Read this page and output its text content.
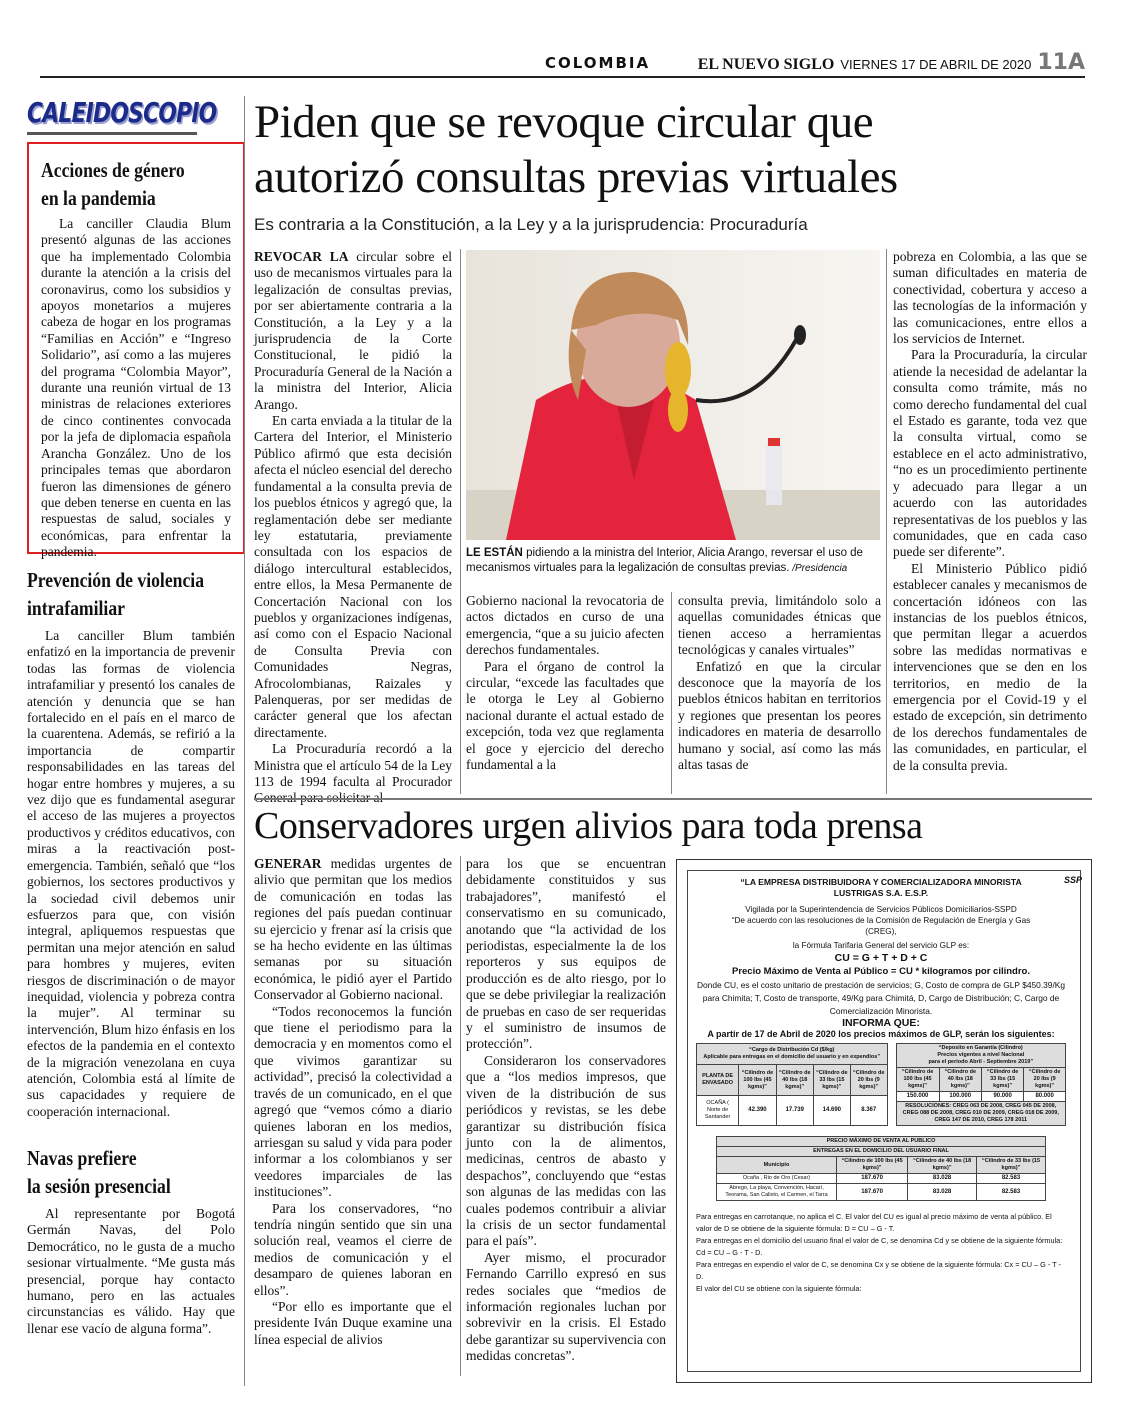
COLOMBIA	EL NUEVO SIGLO VIERNES 17 DE ABRIL DE 2020 11A
CALEIDOSCOPIO
Acciones de género
en la pandemia

La canciller Claudia Blum presentó algunas de las acciones que ha implementado Colombia durante la atención a la crisis del coronavirus, como los subsidios y apoyos monetarios a mujeres cabeza de hogar en los programas “Familias en Acción” e “Ingreso Solidario”, así como a las mujeres del programa “Colombia Mayor”, durante una reunión virtual de 13 ministras de relaciones exteriores de cinco continentes convocada por la jefa de diplomacia española Arancha González. Uno de los principales temas que abordaron fueron las dimensiones de género que deben tenerse en cuenta en las respuestas de salud, sociales y económicas, para enfrentar la pandemia.

Prevención de violencia
intrafamiliar

La canciller Blum también enfatizó en la importancia de prevenir todas las formas de violencia intrafamiliar y presentó los canales de atención y denuncia que se han fortalecido en el país en el marco de la cuarentena. Además, se refirió a la importancia de compartir responsabilidades en las tareas del hogar entre hombres y mujeres, a su vez dijo que es fundamental asegurar el acceso de las mujeres a proyectos productivos y créditos educativos, con miras a la reactivación post-emergencia. También, señaló que “los gobiernos, los sectores productivos y la sociedad civil debemos unir esfuerzos para que, con visión integral, apliquemos respuestas que permitan una mejor atención en salud para hombres y mujeres, eviten riesgos de discriminación o de mayor inequidad, violencia y pobreza contra la mujer”. Al terminar su intervención, Blum hizo énfasis en los efectos de la pandemia en el contexto de la migración venezolana en cuya atención, Colombia está al límite de sus capacidades y requiere de cooperación internacional.

Navas prefiere
la sesión presencial

Al representante por Bogotá Germán Navas, del Polo Democrático, no le gusta de a mucho sesionar virtualmente. “Me gusta más presencial, porque hay contacto humano, pero en las actuales circunstancias es válido. Hay que llenar ese vacío de alguna forma”.

Piden que se revoque circular que
autorizó consultas previas virtuales
Es contraria a la Constitución, a la Ley y a la jurisprudencia: Procuraduría

REVOCAR LA circular sobre el uso de mecanismos virtuales para la legalización de consultas previas, por ser abiertamente contraria a la Constitución, a la Ley y a la jurisprudencia de la Corte Constitucional, le pidió la Procuraduría General de la Nación a la ministra del Interior, Alicia Arango.

En carta enviada a la titular de la Cartera del Interior, el Ministerio Público afirmó que esta decisión afecta el núcleo esencial del derecho fundamental a la consulta previa de los pueblos étnicos y agregó que, la reglamentación debe ser mediante ley estatutaria, previamente consultada con los espacios de diálogo intercultural establecidos, entre ellos, la Mesa Permanente de Concertación Nacional con los pueblos y organizaciones indígenas, así como con el Espacio Nacional de Consulta Previa con Comunidades Negras, Afrocolombianas, Raizales y Palenqueras, por ser medidas de carácter general que los afectan directamente.

La Procuraduría recordó a la Ministra que el artículo 54 de la Ley 113 de 1994 faculta al Procurador

LE ESTÁN pidiendo a la ministra del Interior, Alicia Arango, reversar el uso de mecanismos virtuales para la legalización de consultas previas. /Presidencia

Gobierno nacional la revocatoria de actos dictados en curso de una emergencia, “que a su juicio afecten derechos fundamentales.

Para el órgano de control la circular, “excede las facultades que le otorga le Ley al Gobierno nacional durante el actual estado de excepción, toda vez que reglamenta el goce y ejercicio del derecho fundamental a la

consulta previa, limitándolo solo a aquellas comunidades étnicas que tienen acceso a herramientas tecnológicas y canales virtuales”

Enfatizó en que la circular desconoce que la mayoría de los pueblos étnicos habitan en territorios y regiones que presentan los peores indicadores en materia de desarrollo humano y social, así como las más altas tasas de

pobreza en Colombia, a las que se suman dificultades en materia de conectividad, cobertura y acceso a las tecnologías de la información y las comunicaciones, entre ellos a los servicios de Internet.

Para la Procuraduría, la circular atiende la necesidad de adelantar la consulta como trámite, más no como derecho fundamental del cual el Estado es garante, toda vez que la consulta virtual, como se establece en el acto administrativo, “no es un procedimiento pertinente y adecuado para llegar a un acuerdo con las autoridades representativas de los pueblos y las comunidades, que en cada caso puede ser diferente”.

El Ministerio Público pidió establecer canales y mecanismos de concertación idóneos con las instancias de los pueblos étnicos, que permitan llegar a acuerdos sobre las medidas normativas e intervenciones que se den en los territorios, en medio de la emergencia por el Covid-19 y el estado de excepción, sin detrimento de los derechos fundamentales de las comunidades, en particular, el de la consulta previa.

Conservadores urgen alivios para toda prensa

GENERAR medidas urgentes de alivio que permitan que los medios de comunicación en todas las regiones del país puedan continuar su ejercicio y frenar así la crisis que se ha hecho evidente en las últimas semanas por su situación económica, le pidió ayer el Partido Conservador al Gobierno nacional.

“Todos reconocemos la función que tiene el periodismo para la democracia y en momentos como el que vivimos garantizar su actividad”, precisó la colectividad a través de un comunicado, en el que agregó que “vemos cómo a diario quienes laboran en los medios, arriesgan su salud y vida para poder informar a los colombianos y ser veedores imparciales de las instituciones”.

Para los conservadores, “no tendría ningún sentido que sin una solución real, veamos el cierre de medios de comunicación y el desamparo de quienes laboran en ellos”.

“Por ello es importante que el presidente Iván Duque examine una línea especial de alivios

para los que se encuentran debidamente constituidos y sus trabajadores”, manifestó el conservatismo en su comunicado, anotando que “la actividad de los periodistas, especialmente la de los reporteros y sus equipos de producción es de alto riesgo, por lo que se debe privilegiar la realización de pruebas en caso de ser requeridas y el suministro de insumos de protección”.

Consideraron los conservadores que a “los medios impresos, que viven de la distribución de sus periódicos y revistas, se les debe garantizar su distribución física junto con la de alimentos, medicinas, centros de abasto y despachos”, concluyendo que “estas son algunas de las medidas con las cuales podemos contribuir a aliviar la crisis de un sector fundamental para el país”.

Ayer mismo, el procurador Fernando Carrillo expresó en sus redes sociales que “medios de información regionales luchan por sobrevivir en la crisis. El Estado debe garantizar su supervivencia con medidas concretas”.

SSP
“LA EMPRESA DISTRIBUIDORA Y COMERCIALIZADORA MINORISTA
LUSTRIGAS S.A. E.S.P.
Vigilada por la Superintendencia de Servicios Públicos Domiciliarios-SSPD
“De acuerdo con las resoluciones de la Comisión de Regulación de Energía y Gas
(CREG),
la Fórmula Tarifaria General del servicio GLP es:
CU = G + T + D + C
Precio Máximo de Venta al Público = CU * kilogramos por cilindro.
Donde CU, es el costo unitario de prestación de servicios; G, Costo de compra de GLP $450.39/Kg para Chimita; T, Costo de transporte, 49/Kg para Chimitá, D, Cargo de Distribución; C, Cargo de Comercialización Minorista.
INFORMA QUE:
A partir de 17 de Abril de 2020 los precios máximos de GLP, serán los siguientes:
“Cargo de Distribución Cd ($/kg)
Aplicable para entregas en el domicilio del usuario y en expendios”				
PLANTA DE ENVASADO	“Cilindro de 100 lbs (45 kgms)”	“Cilindro de 40 lbs (18 kgms)”	“Cilindro de 33 lbs (15 kgms)”	“Cilindro de 20 lbs (9 kgms)”
OCAÑA ( Norte de Santander	42.390	17.739	14.690	8.367
“Deposito en Garantía (Cilindro)
Precios vigentes a nivel Nacional
para el periodo Abril - Septiembre 2019”			
“Cilindro de 100 lbs (45 kgms)”	“Cilindro de 40 lbs (18 kgms)”	“Cilindro de 33 lbs (15 kgms)”	“Cilindro de 20 lbs (9 kgms)”
150.000	100.000	90.000	80.000
RESOLUCIONES: CREG 063 DE 2008, CREG 045 DE 2008, CREG 088 DE 2008, CREG 010 DE 2009, CREG 018 DE 2009, CREG 147 DE 2010, CREG 178 2011			
PRECIO MÁXIMO DE VENTA AL PUBLICO			
ENTREGAS EN EL DOMICILIO DEL USUARIO FINAL			
Municipio	“Cilindro de 100 lbs (45 kgms)”	“Cilindro de 40 lbs (18 kgms)”	“Cilindro de 33 lbs (15 kgms)”
Ocaña , Rio de Oro (Cesar)	187.670	83.028	82.583
Abrego, La playa, Convención, Hacarí, Teorama, San Calixto, el Carmen, el Tarra	187.670	83.028	82.583
Para entregas en carrotanque, no aplica el C. El valor del CU es igual al precio máximo de venta al público. El valor de D se obtiene de la siguiente fórmula: D = CU – G - T.
Para entregas en el domicilio del usuario final el valor de C, se denomina Cd y se obtiene de la siguiente fórmula: Cd = CU – G - T - D.
Para entregas en expendio el valor de C, se denomina Cx y se obtiene de la siguiente fórmula: Cx = CU – G - T - D.
El valor del CU se obtiene con la siguiente fórmula:
